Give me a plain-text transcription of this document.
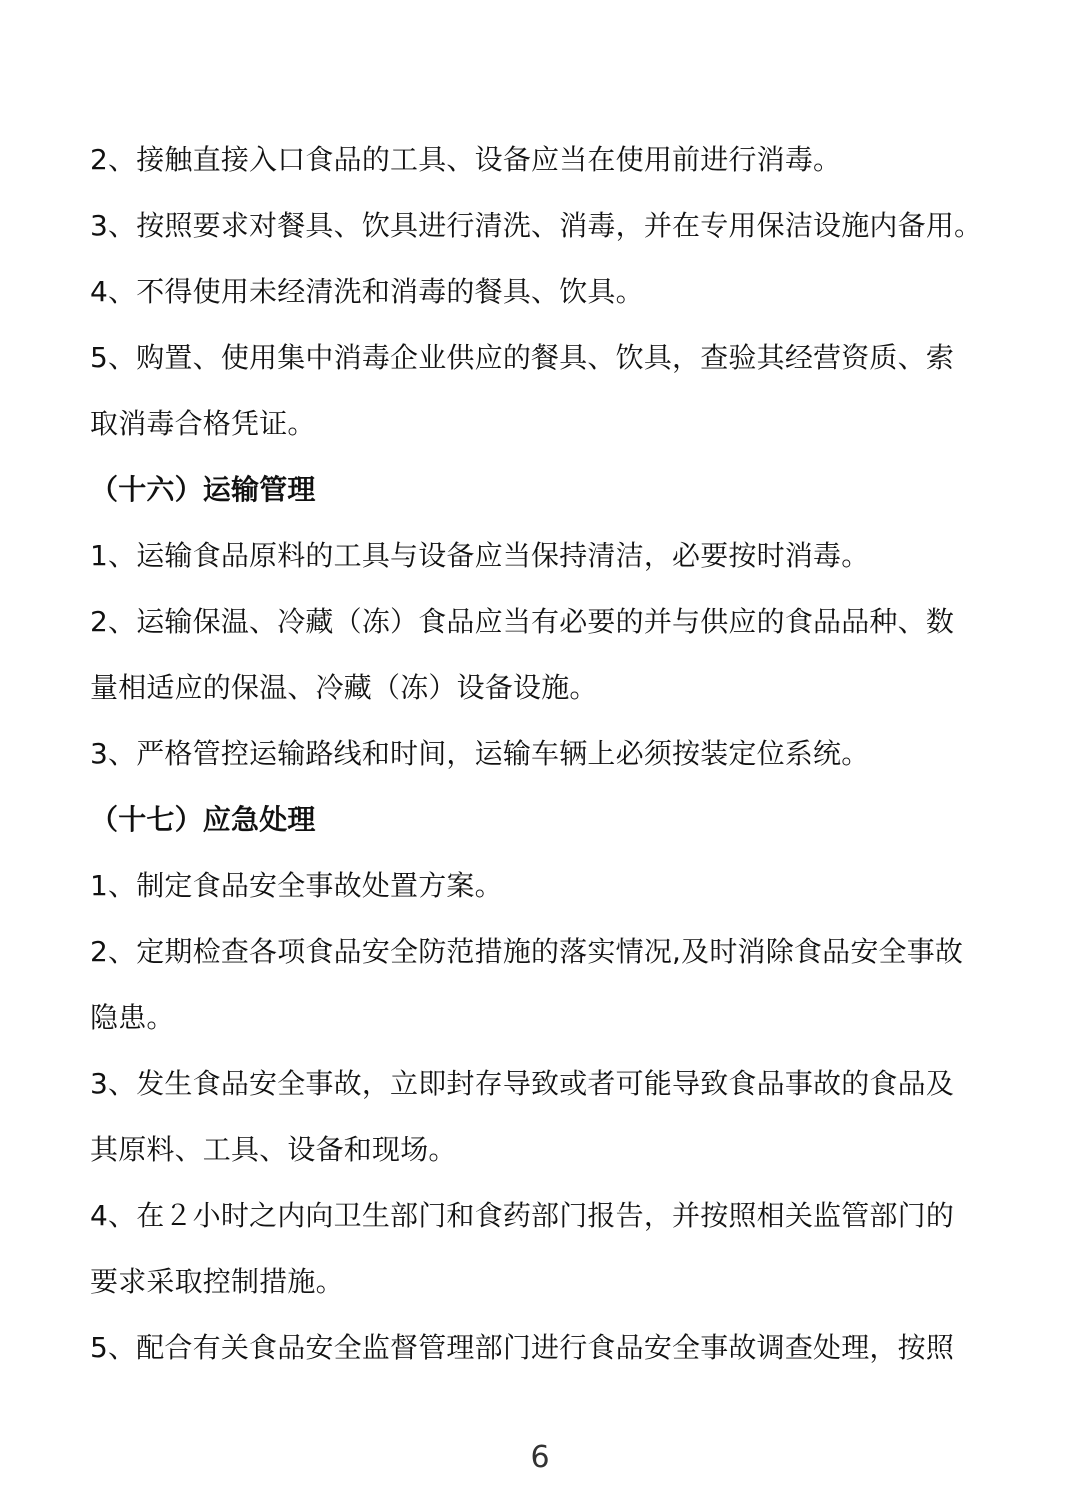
2、接触直接入口食品的工具、设备应当在使用前进行消毒。
3、按照要求对餐具、饮具进行清洗、消毒，并在专用保洁设施内备用。
4、不得使用未经清洗和消毒的餐具、饮具。
5、购置、使用集中消毒企业供应的餐具、饮具，查验其经营资质、索
取消毒合格凭证。
（十六）运输管理
1、运输食品原料的工具与设备应当保持清洁，必要按时消毒。
2、运输保温、冷藏（冻）食品应当有必要的并与供应的食品品种、数
量相适应的保温、冷藏（冻）设备设施。
3、严格管控运输路线和时间，运输车辆上必须按装定位系统。
（十七）应急处理
1、制定食品安全事故处置方案。
2、定期检查各项食品安全防范措施的落实情况,及时消除食品安全事故
隐患。
3、发生食品安全事故，立即封存导致或者可能导致食品事故的食品及
其原料、工具、设备和现场。
4、在２小时之内向卫生部门和食药部门报告，并按照相关监管部门的
要求采取控制措施。
5、配合有关食品安全监督管理部门进行食品安全事故调查处理，按照
6
